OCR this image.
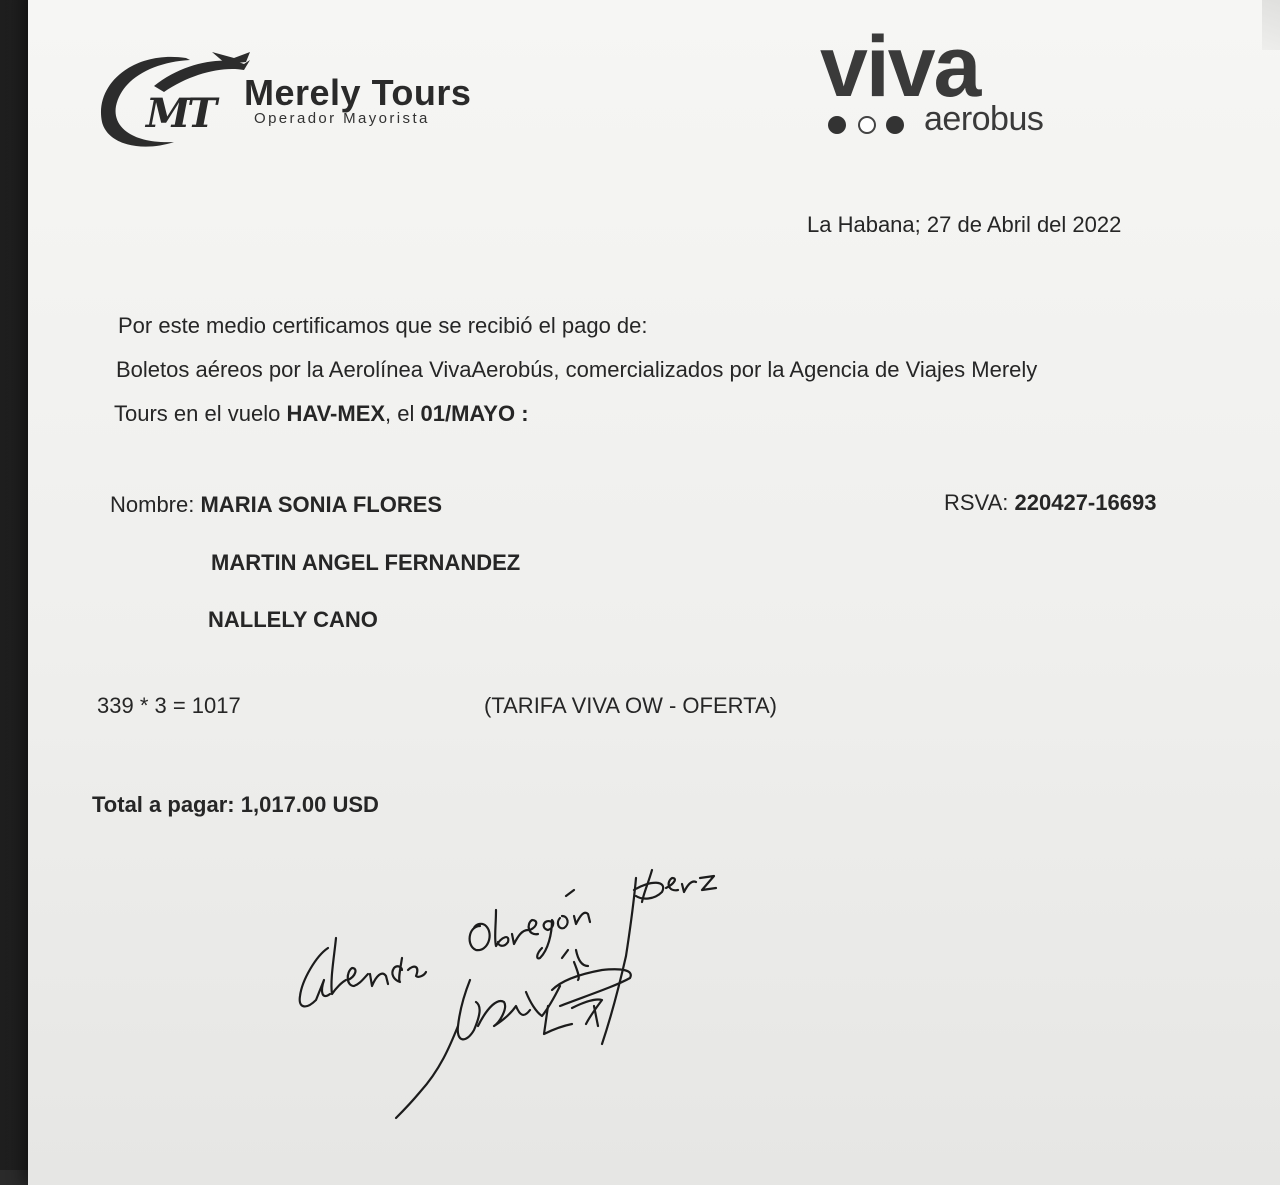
MT Merely Tours
Operador Mayorista
viva
aerobus
La Habana; 27 de Abril del 2022
Por este medio certificamos que se recibió el pago de:
Boletos aéreos por la Aerolínea VivaAerobús, comercializados por la Agencia de Viajes Merely
Tours en el vuelo HAV-MEX, el 01/MAYO :
Nombre: MARIA SONIA FLORES	RSVA: 220427-16693
MARTIN ANGEL FERNANDEZ
NALLELY CANO
339 * 3 = 1017	(TARIFA VIVA OW - OFERTA)
Total a pagar: 1,017.00 USD
